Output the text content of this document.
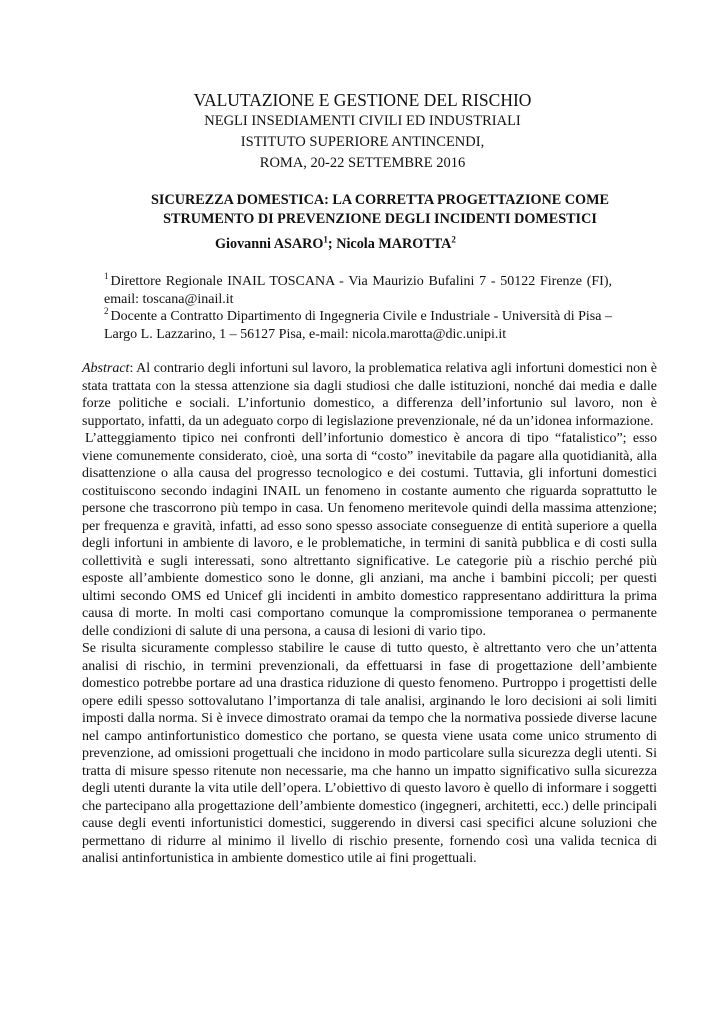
VALUTAZIONE E GESTIONE DEL RISCHIO
NEGLI INSEDIAMENTI CIVILI ED INDUSTRIALI
ISTITUTO SUPERIORE ANTINCENDI,
ROMA, 20-22 SETTEMBRE 2016
SICUREZZA DOMESTICA: LA CORRETTA PROGETTAZIONE COME
STRUMENTO DI PREVENZIONE DEGLI INCIDENTI DOMESTICI
Giovanni ASARO$^1$; Nicola MAROTTA$^2$
$^1$ Direttore Regionale INAIL TOSCANA - Via Maurizio Bufalini 7 - 50122 Firenze (FI), email: toscana@inail.it
$^2$ Docente a Contratto Dipartimento di Ingegneria Civile e Industriale - Università di Pisa – Largo L. Lazzarino, 1 – 56127 Pisa, e-mail: nicola.marotta@dic.unipi.it

Abstract: Al contrario degli infortuni sul lavoro, la problematica relativa agli infortuni domestici non è stata trattata con la stessa attenzione sia dagli studiosi che dalle istituzioni, nonché dai media e dalle forze politiche e sociali. L’infortunio domestico, a differenza dell’infortunio sul lavoro, non è supportato, infatti, da un adeguato corpo di legislazione prevenzionale, né da un’idonea informazione.

L’atteggiamento tipico nei confronti dell’infortunio domestico è ancora di tipo “fatalistico”; esso viene comunemente considerato, cioè, una sorta di “costo” inevitabile da pagare alla quotidianità, alla disattenzione o alla causa del progresso tecnologico e dei costumi. Tuttavia, gli infortuni domestici costituiscono secondo indagini INAIL un fenomeno in costante aumento che riguarda soprattutto le persone che trascorrono più tempo in casa. Un fenomeno meritevole quindi della massima attenzione; per frequenza e gravità, infatti, ad esso sono spesso associate conseguenze di entità superiore a quella degli infortuni in ambiente di lavoro, e le problematiche, in termini di sanità pubblica e di costi sulla collettività e sugli interessati, sono altrettanto significative. Le categorie più a rischio perché più esposte all’ambiente domestico sono le donne, gli anziani, ma anche i bambini piccoli; per questi ultimi secondo OMS ed Unicef gli incidenti in ambito domestico rappresentano addirittura la prima causa di morte. In molti casi comportano comunque la compromissione temporanea o permanente delle condizioni di salute di una persona, a causa di lesioni di vario tipo.

Se risulta sicuramente complesso stabilire le cause di tutto questo, è altrettanto vero che un’attenta analisi di rischio, in termini prevenzionali, da effettuarsi in fase di progettazione dell’ambiente domestico potrebbe portare ad una drastica riduzione di questo fenomeno. Purtroppo i progettisti delle opere edili spesso sottovalutano l’importanza di tale analisi, arginando le loro decisioni ai soli limiti imposti dalla norma. Si è invece dimostrato oramai da tempo che la normativa possiede diverse lacune nel campo antinfortunistico domestico che portano, se questa viene usata come unico strumento di prevenzione, ad omissioni progettuali che incidono in modo particolare sulla sicurezza degli utenti. Si tratta di misure spesso ritenute non necessarie, ma che hanno un impatto significativo sulla sicurezza degli utenti durante la vita utile dell’opera. L’obiettivo di questo lavoro è quello di informare i soggetti che partecipano alla progettazione dell’ambiente domestico (ingegneri, architetti, ecc.) delle principali cause degli eventi infortunistici domestici, suggerendo in diversi casi specifici alcune soluzioni che permettano di ridurre al minimo il livello di rischio presente, fornendo così una valida tecnica di analisi antinfortunistica in ambiente domestico utile ai fini progettuali.
